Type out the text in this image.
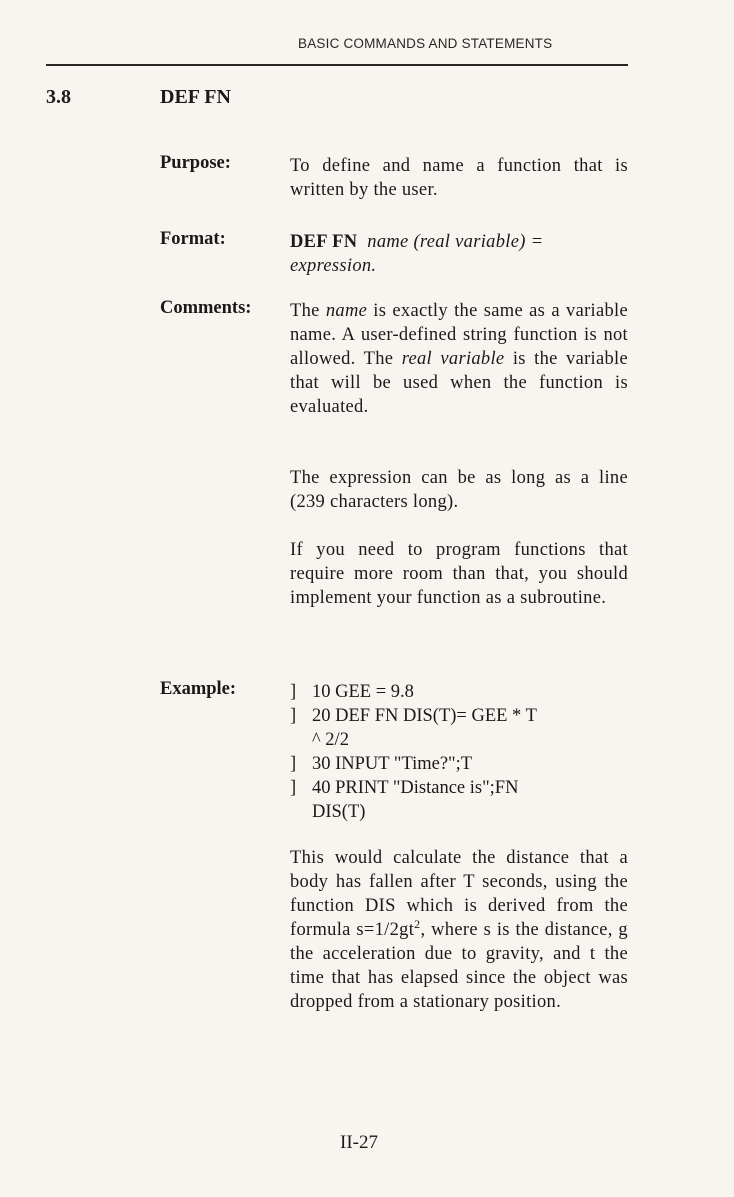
BASIC COMMANDS AND STATEMENTS
3.8	DEF FN
Purpose:	To define and name a function that is written by the user.
Format:	DEF FN name (real variable) = expression.
Comments: The name is exactly the same as a variable name. A user-defined string function is not allowed. The real variable is the variable that will be used when the function is evaluated.
The expression can be as long as a line (239 characters long).
If you need to program functions that require more room than that, you should implement your function as a subroutine.
Example:	] 10 GEE = 9.8
] 20 DEF FN DIS(T)= GEE * T
^ 2/2
] 30 INPUT "Time?";T
] 40 PRINT "Distance is";FN
DIS(T)
This would calculate the distance that a body has fallen after T seconds, using the function DIS which is derived from the formula $s=1/2gt^2$, where s is the distance, g the acceleration due to gravity, and t the time that has elapsed since the object was dropped from a stationary position.
II-27
